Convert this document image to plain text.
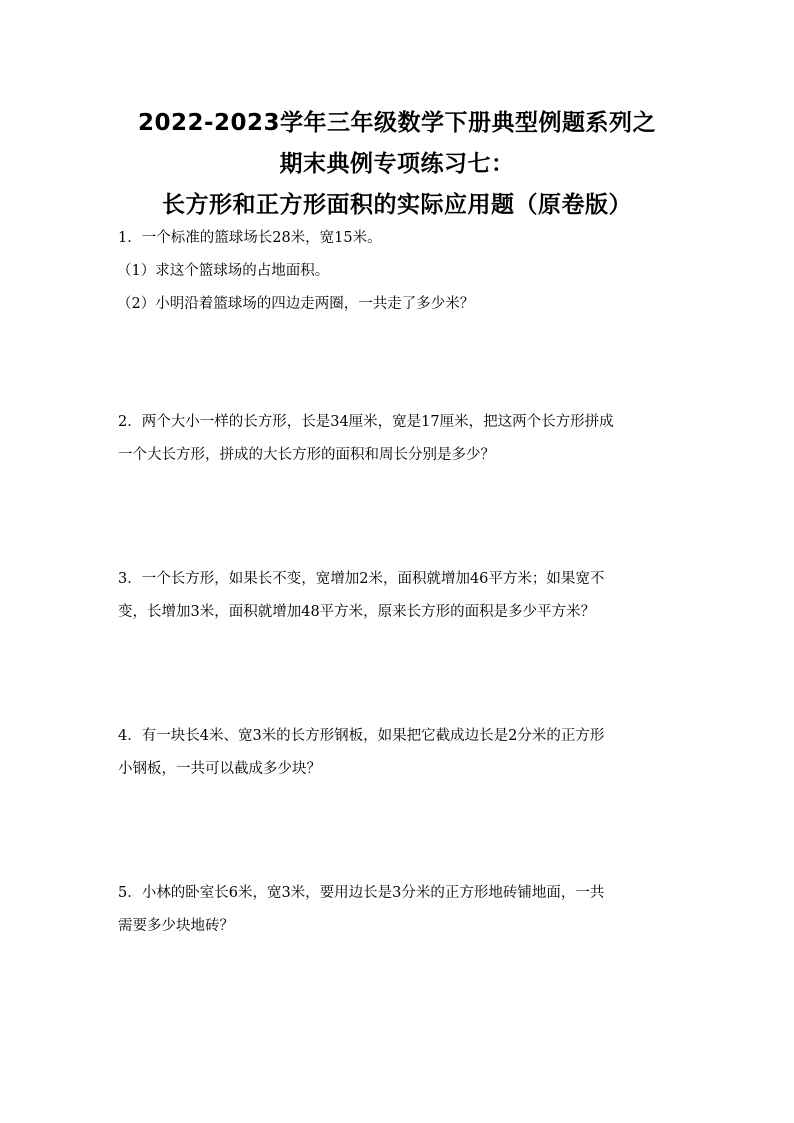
2022-2023学年三年级数学下册典型例题系列之
期末典例专项练习七：
长方形和正方形面积的实际应用题（原卷版）
1．一个标准的篮球场长28米，宽15米。
（1）求这个篮球场的占地面积。
（2）小明沿着篮球场的四边走两圈，一共走了多少米？
2．两个大小一样的长方形，长是34厘米，宽是17厘米，把这两个长方形拼成
一个大长方形，拼成的大长方形的面积和周长分别是多少？
3．一个长方形，如果长不变，宽增加2米，面积就增加46平方米；如果宽不
变，长增加3米，面积就增加48平方米，原来长方形的面积是多少平方米？
4．有一块长4米、宽3米的长方形钢板，如果把它截成边长是2分米的正方形
小钢板，一共可以截成多少块？
5．小林的卧室长6米，宽3米，要用边长是3分米的正方形地砖铺地面，一共
需要多少块地砖？
